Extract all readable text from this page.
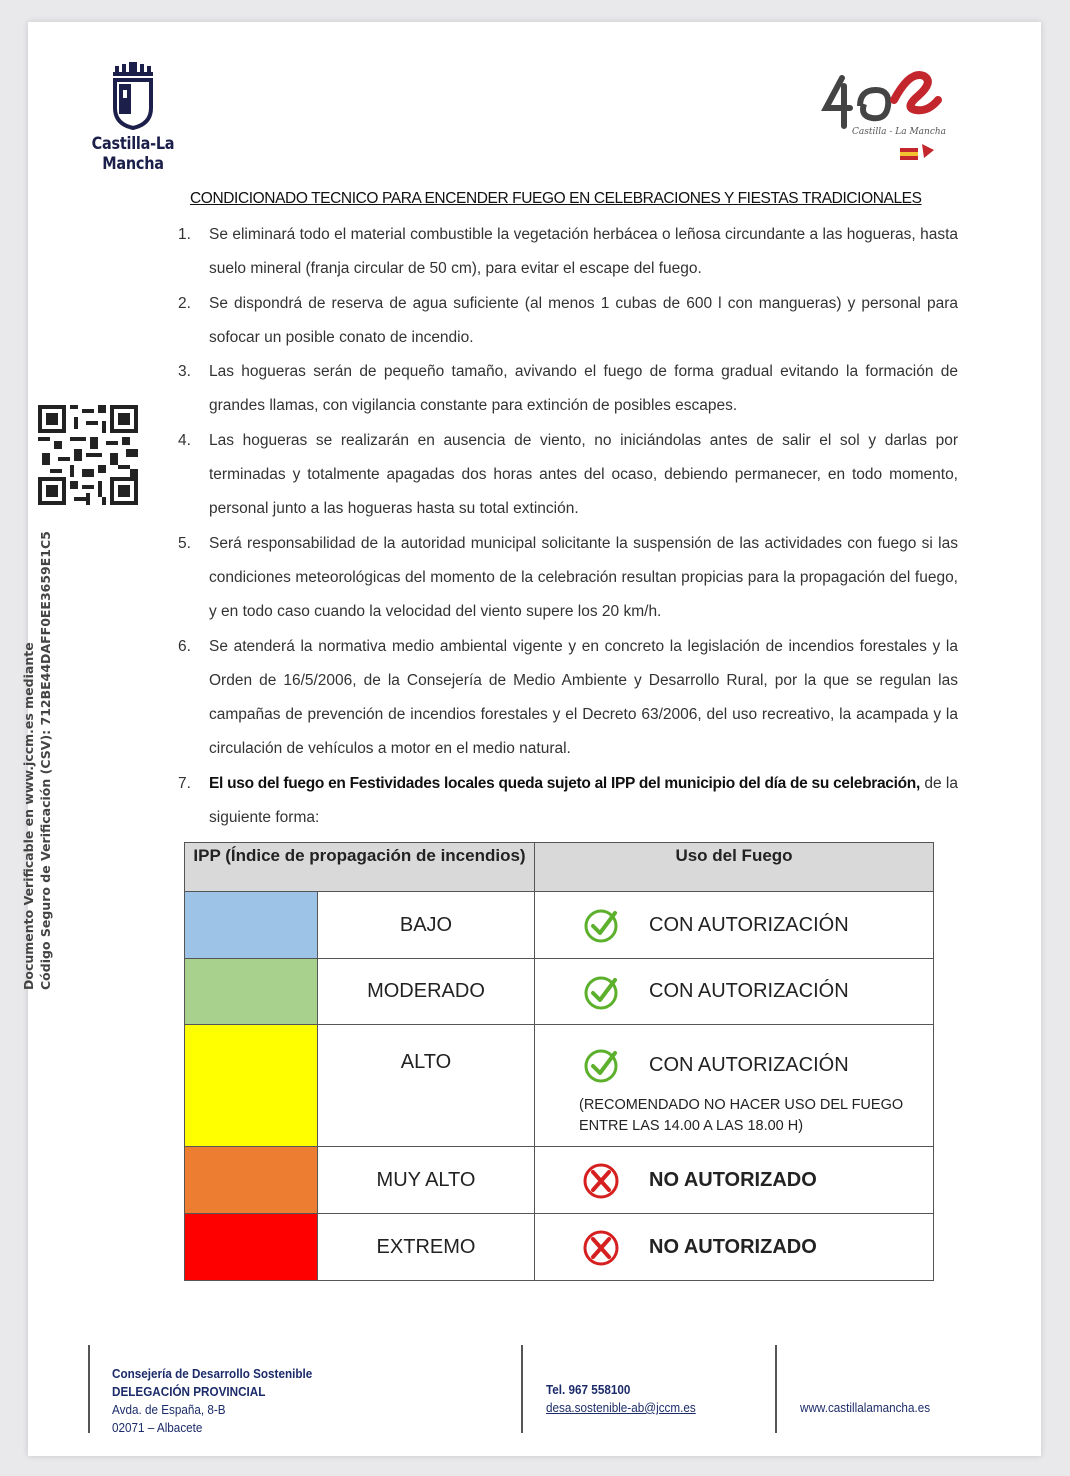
Castilla-La Mancha
Castilla - La Mancha
CONDICIONADO TECNICO PARA ENCENDER FUEGO EN CELEBRACIONES Y FIESTAS TRADICIONALES
1. Se eliminará todo el material combustible la vegetación herbácea o leñosa circundante a las hogueras, hasta suelo mineral (franja circular de 50 cm), para evitar el escape del fuego.
2. Se dispondrá de reserva de agua suficiente (al menos 1 cubas de 600 l con mangueras) y personal para sofocar un posible conato de incendio.
3. Las hogueras serán de pequeño tamaño, avivando el fuego de forma gradual evitando la formación de grandes llamas, con vigilancia constante para extinción de posibles escapes.
4. Las hogueras se realizarán en ausencia de viento, no iniciándolas antes de salir el sol y darlas por terminadas y totalmente apagadas dos horas antes del ocaso, debiendo permanecer, en todo momento, personal junto a las hogueras hasta su total extinción.
5. Será responsabilidad de la autoridad municipal solicitante la suspensión de las actividades con fuego si las condiciones meteorológicas del momento de la celebración resultan propicias para la propagación del fuego, y en todo caso cuando la velocidad del viento supere los 20 km/h.
6. Se atenderá la normativa medio ambiental vigente y en concreto la legislación de incendios forestales y la Orden de 16/5/2006, de la Consejería de Medio Ambiente y Desarrollo Rural, por la que se regulan las campañas de prevención de incendios forestales y el Decreto 63/2006, del uso recreativo, la acampada y la circulación de vehículos a motor en el medio natural.
7. El uso del fuego en Festividades locales queda sujeto al IPP del municipio del día de su celebración, de la siguiente forma:
Documento Verificable en www.jccm.es mediante Código Seguro de Verificación (CSV): 712BE44DAFF0EE3659E1C5	IPP (Índice de propagación de incendios)		Uso del Fuego
	BAJO	CON AUTORIZACIÓN

	MODERADO	CON AUTORIZACIÓN

	ALTO	CON AUTORIZACIÓN
(RECOMENDADO NO HACER USO DEL FUEGO ENTRE LAS 14.00 A LAS 18.00 H)

	MUY ALTO	NO AUTORIZADO

	EXTREMO	NO AUTORIZADO
Consejería de Desarrollo Sostenible
DELEGACIÓN PROVINCIAL
Avda. de España, 8-B
02071 – Albacete
Tel. 967 558100
desa.sostenible-ab@jccm.es	www.castillalamancha.es
